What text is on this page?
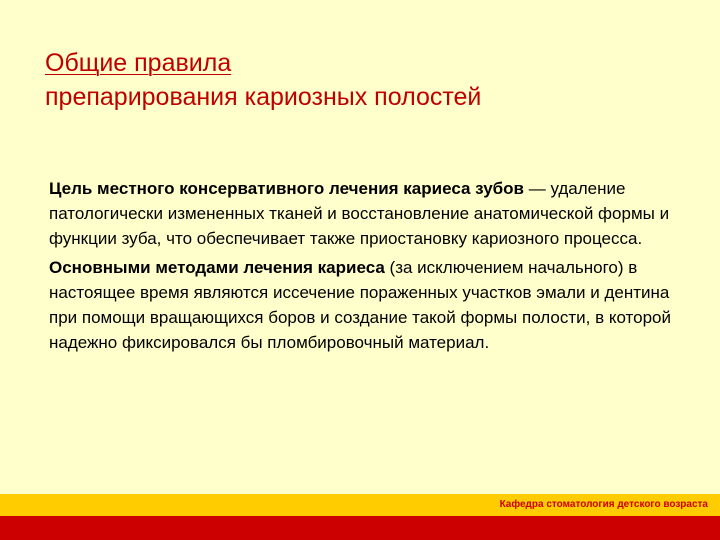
Общие правила
препарирования кариозных полостей

Цель местного консервативного лечения кариеса зубов — удаление патологически измененных тканей и восстановление анатомической формы и функции зуба, что обеспечивает также приостановку кариозного процесса.

Основными методами лечения кариеса (за исключением начального) в настоящее время являются иссечение пораженных участков эмали и дентина при помощи вращающихся боров и создание такой формы полости, в которой надежно фиксировался бы пломбировочный материал.

Кафедра стоматология детского возраста
